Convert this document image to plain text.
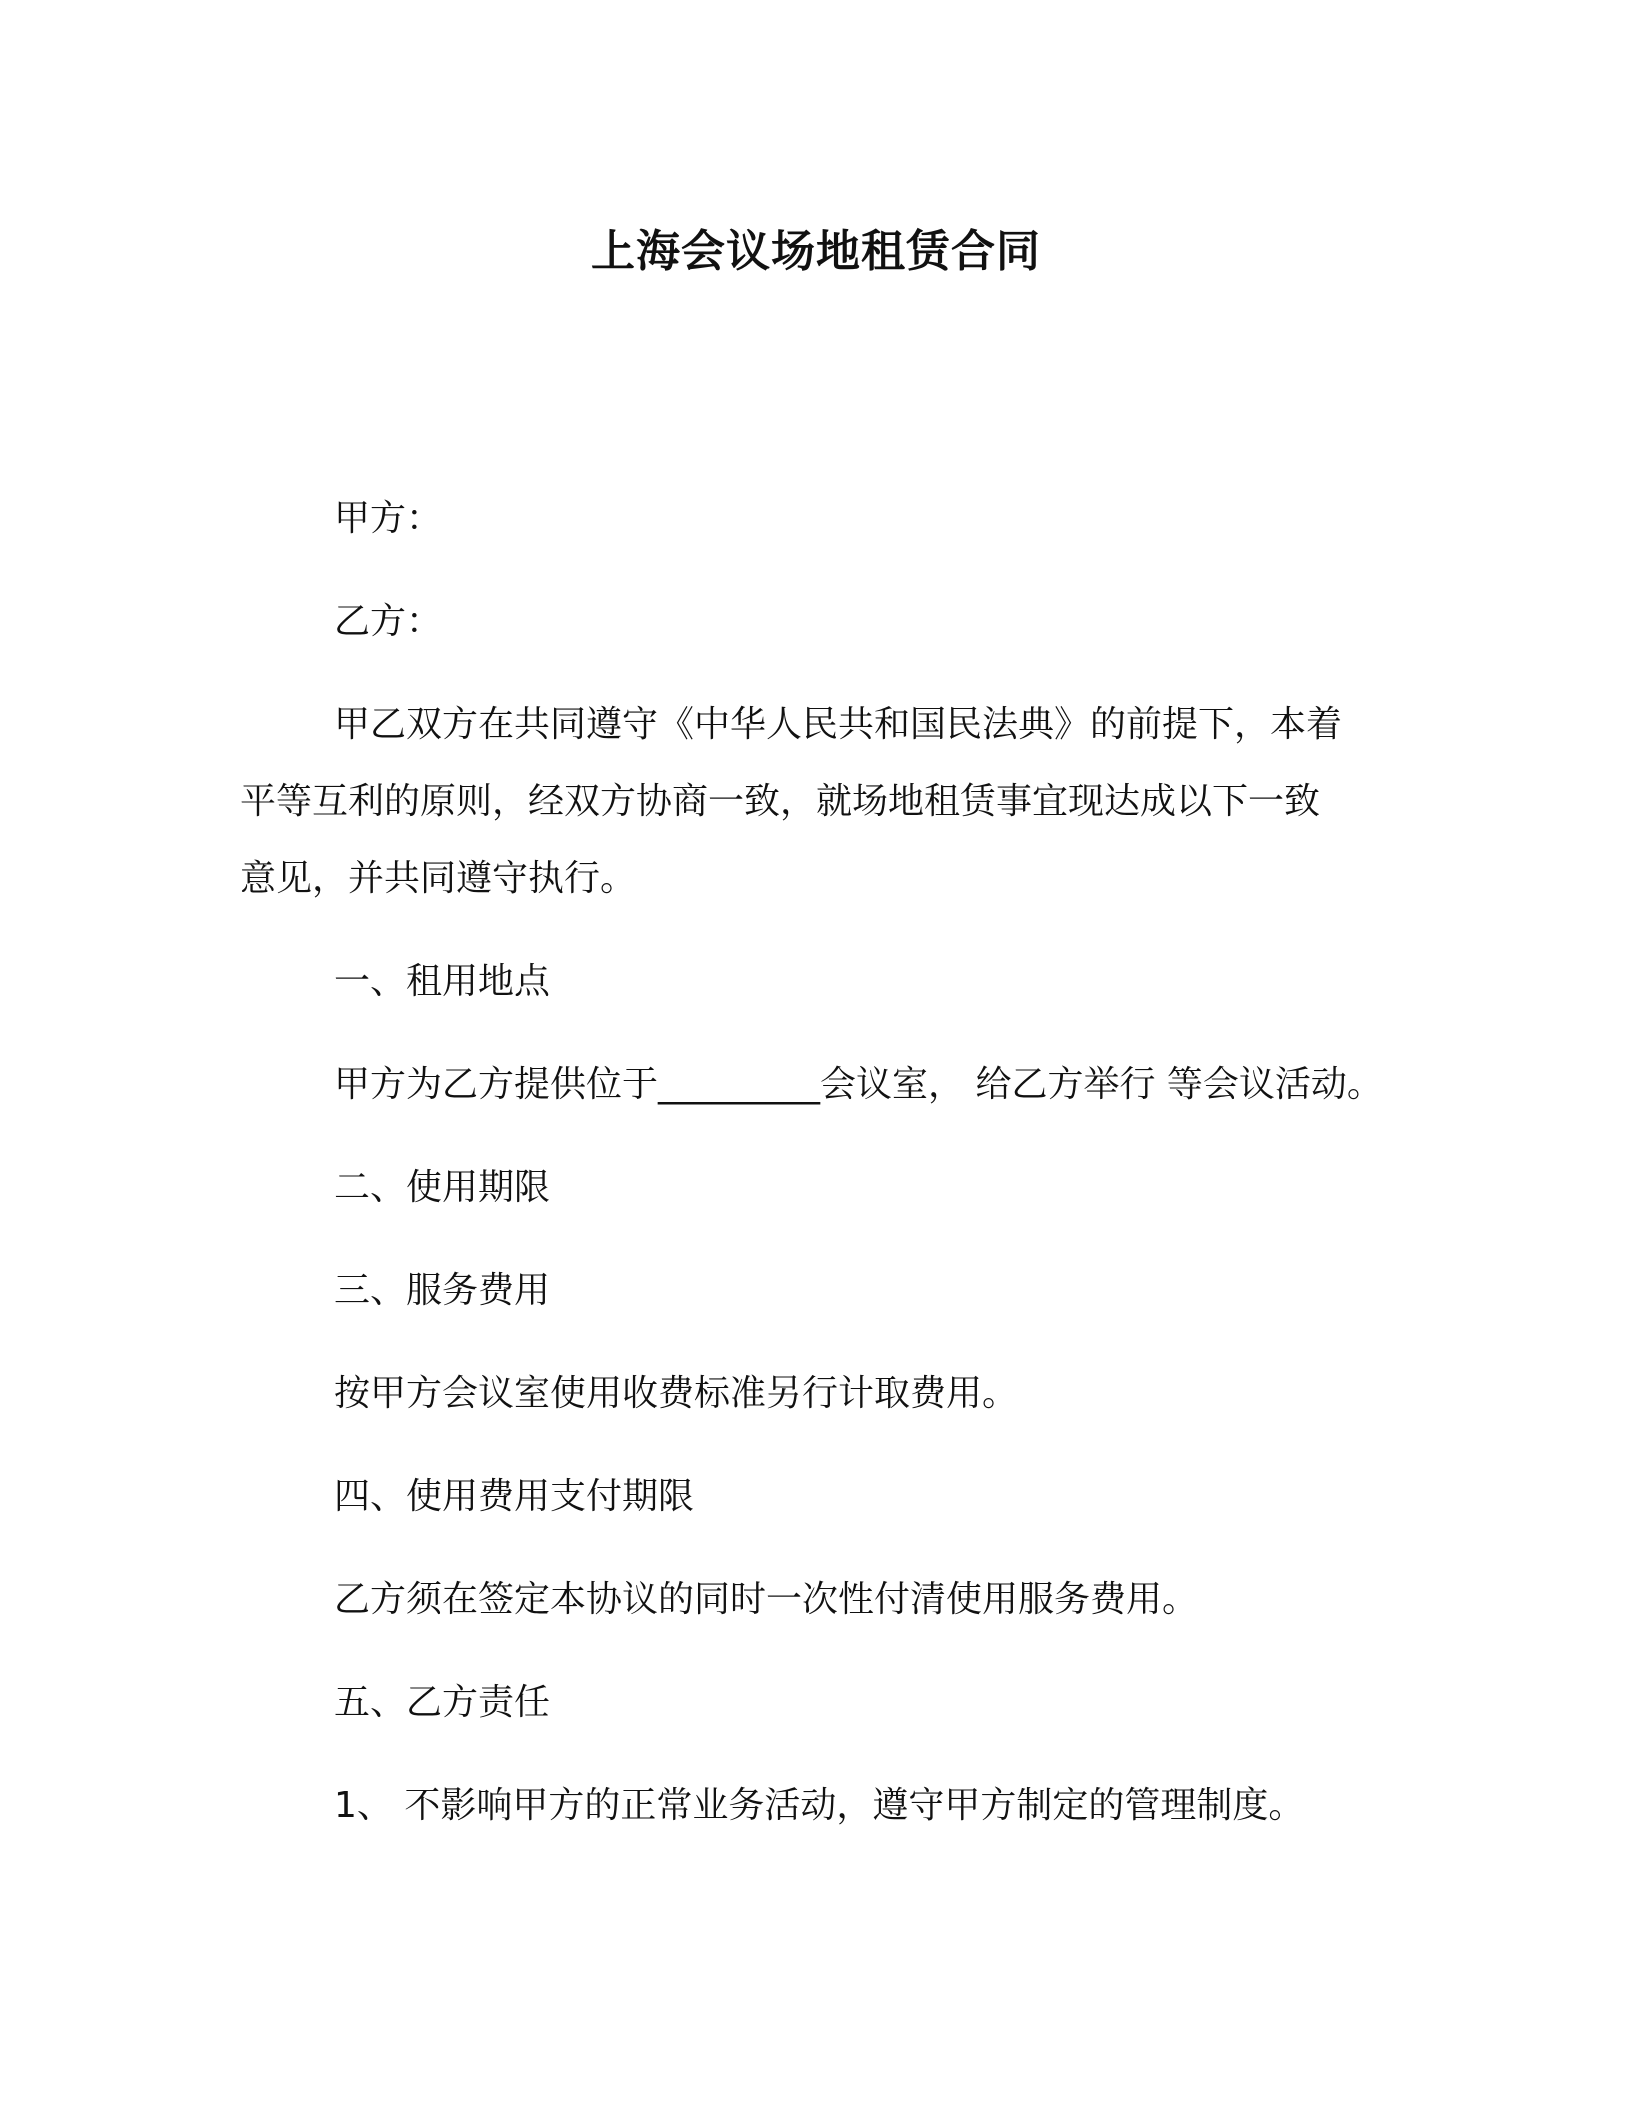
上海会议场地租赁合同
甲方：
乙方：
甲乙双方在共同遵守《中华人民共和国民法典》的前提下，本着
平等互利的原则，经双方协商一致，就场地租赁事宜现达成以下一致
意见，并共同遵守执行。
一、租用地点
甲方为乙方提供位于_________会议室， 给乙方举行 等会议活动。
二、使用期限
三、服务费用
按甲方会议室使用收费标准另行计取费用。
四、使用费用支付期限
乙方须在签定本协议的同时一次性付清使用服务费用。
五、乙方责任
1、 不影响甲方的正常业务活动，遵守甲方制定的管理制度。
